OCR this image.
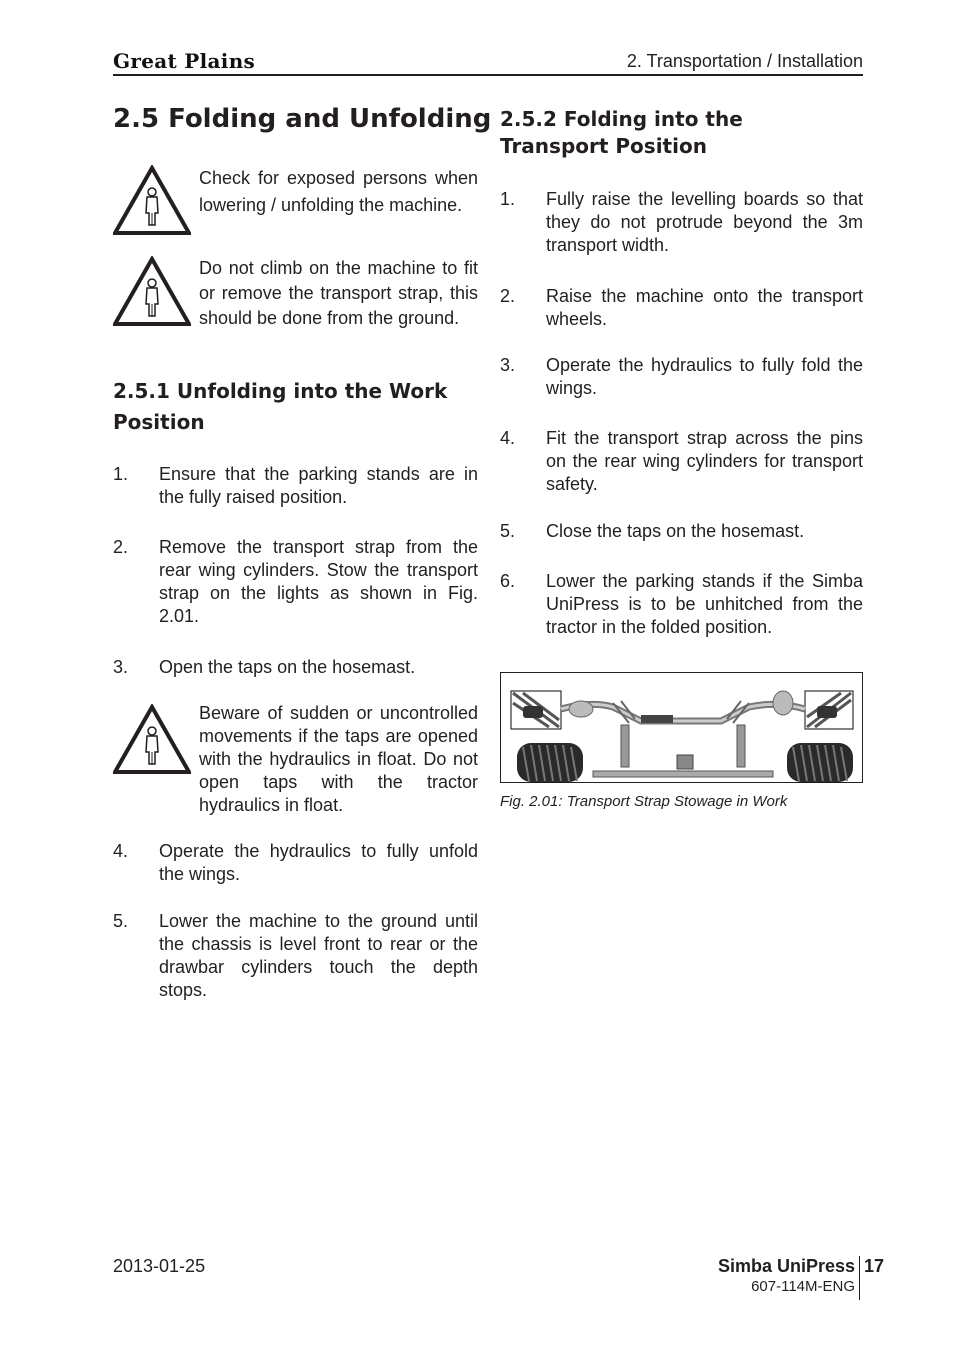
Great Plains	2. Transportation / Installation
2.5 Folding and Unfolding
Check for exposed persons when lowering / unfolding the machine.
Do not climb on the machine to fit or remove the transport strap, this should be done from the ground.
2.5.1 Unfolding into the Work Position
1. Ensure that the parking stands are in the fully raised position.
2. Remove the transport strap from the rear wing cylinders. Stow the transport strap on the lights as shown in Fig. 2.01.
3. Open the taps on the hosemast.
Beware of sudden or uncontrolled movements if the taps are opened with the hydraulics in float. Do not open taps with the tractor hydraulics in float.
4. Operate the hydraulics to fully unfold the wings.
5. Lower the machine to the ground until the chassis is level front to rear or the drawbar cylinders touch the depth stops.
2.5.2 Folding into the Transport Position
1. Fully raise the levelling boards so that they do not protrude beyond the 3m transport width.
2. Raise the machine onto the transport wheels.
3. Operate the hydraulics to fully fold the wings.
4. Fit the transport strap across the pins on the rear wing cylinders for transport safety.
5. Close the taps on the hosemast.
6. Lower the parking stands if the Simba UniPress is to be unhitched from the tractor in the folded position.
Fig. 2.01: Transport Strap Stowage in Work
2013-01-25	Simba UniPress
607-114M-ENG
17
